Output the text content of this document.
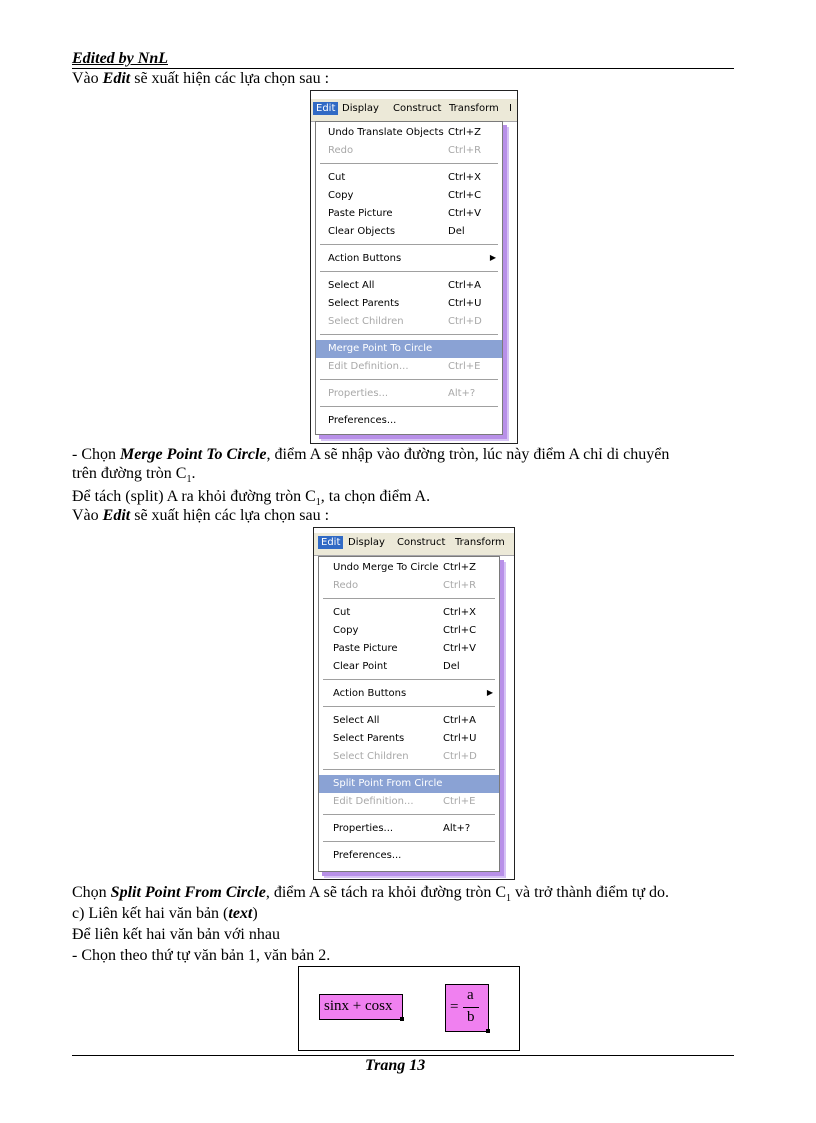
Edited by NnL
Vào Edit sẽ xuất hiện các lựa chọn sau :
Edit Display Construct Transform I
Undo Translate Objects Ctrl+Z
Redo	Ctrl+R
Cut	Ctrl+X
Copy	Ctrl+C
Paste Picture	Ctrl+V
Clear Objects	Del
Action Buttons	▶
Select All	Ctrl+A
Select Parents	Ctrl+U
Select Children	Ctrl+D
Merge Point To Circle
Edit Definition...	Ctrl+E
Properties...	Alt+?
Preferences...
- Chọn Merge Point To Circle, điểm A sẽ nhập vào đường tròn, lúc này điểm A chỉ di chuyển
trên đường tròn $C_1$.
Để tách (split) A ra khỏi đường tròn $C_1$, ta chọn điểm A.
Vào Edit sẽ xuất hiện các lựa chọn sau :
Edit Display Construct Transform
Undo Merge To Circle Ctrl+Z
Redo	Ctrl+R
Cut	Ctrl+X
Copy	Ctrl+C
Paste Picture	Ctrl+V
Clear Point	Del
Action Buttons	▶
Select All	Ctrl+A
Select Parents	Ctrl+U
Select Children	Ctrl+D
Split Point From Circle
Edit Definition...	Ctrl+E
Properties...	Alt+?
Preferences...
Chọn Split Point From Circle, điểm A sẽ tách ra khỏi đường tròn $C_1$ và trở thành điểm tự do.
c) Liên kết hai văn bản (text)
Để liên kết hai văn bản với nhau
- Chọn theo thứ tự văn bản 1, văn bản 2.
sinx + cosx	=
a
b
Trang 13
